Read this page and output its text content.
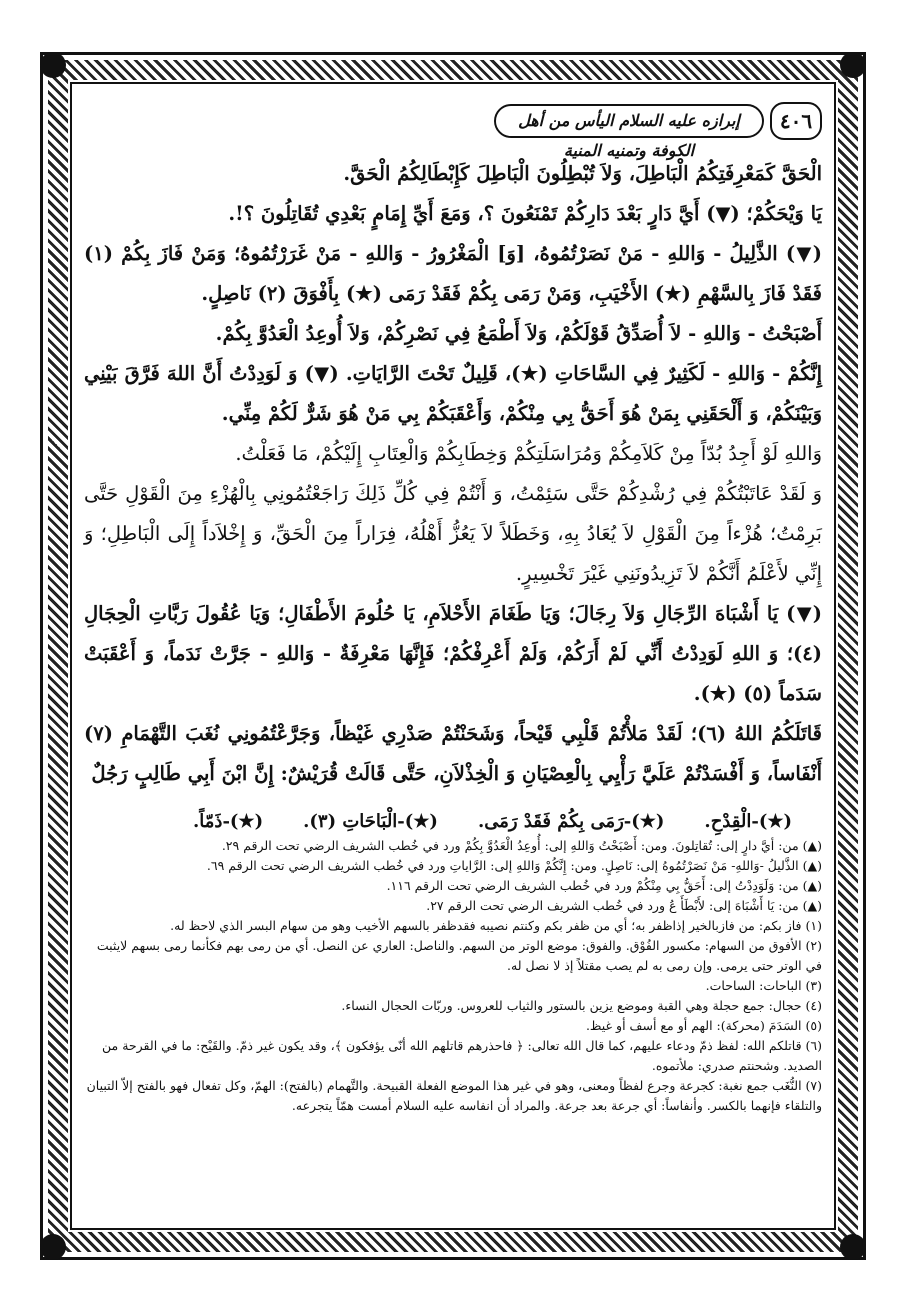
٤٠٦
إبرازه عليه السلام اليأس من أهل الكوفة وتمنيه المنية

الْحَقَّ كَمَعْرِفَتِكُمُ الْبَاطِلَ، وَلاَ تُبْطِلُونَ الْبَاطِلَ كَإِبْطَالِكُمُ الْحَقَّ.

يَا وَيْحَكُمْ؛ (▼) أَيَّ دَارٍ بَعْدَ دَارِكُمْ تَمْنَعُونَ ؟، وَمَعَ أَيِّ إِمَامٍ بَعْدِي تُقَاتِلُونَ ؟!.

(▼) الذَّلِيلُ - وَاللهِ - مَنْ نَصَرْتُمُوهُ، [وَ] الْمَغْرُورُ - وَاللهِ - مَنْ غَرَرْتُمُوهُ؛ وَمَنْ فَازَ بِكُمْ (١) فَقَدْ فَازَ بِالسَّهْمِ (★) الأَخْيَبِ، وَمَنْ رَمَى بِكُمْ فَقَدْ رَمَى (★) بِأَفْوَقَ (٢) نَاصِلٍ.

أَصْبَحْتُ - وَاللهِ - لاَ أُصَدِّقُ قَوْلَكُمْ، وَلاَ أَطْمَعُ فِي نَصْرِكُمْ، وَلاَ أُوعِدُ الْعَدُوَّ بِكُمْ.

إِنَّكُمْ - وَاللهِ - لَكَثِيرٌ فِي السَّاحَاتِ (★)، قَلِيلٌ تَحْتَ الرَّايَاتِ. (▼) وَ لَوَدِدْتُ أَنَّ اللهَ فَرَّقَ بَيْنِي وَبَيْنَكُمْ، وَ أَلْحَقَنِي بِمَنْ هُوَ أَحَقُّ بِي مِنْكُمْ، وَأَعْقَبَكُمْ بِي مَنْ هُوَ شَرٌّ لَكُمْ مِنِّي.

وَاللهِ لَوْ أَجِدُ بُدّاً مِنْ كَلاَمِكُمْ وَمُرَاسَلَتِكُمْ وَخِطَابِكُمْ وَالْعِتَابِ إِلَيْكُمْ، مَا فَعَلْتُ.

وَ لَقَدْ عَاتَبْتُكُمْ فِي رُشْدِكُمْ حَتَّى سَئِمْتُ، وَ أَنْتُمْ فِي كُلِّ ذَلِكَ رَاجَعْتُمُونِي بِالْهُزْءِ مِنَ الْقَوْلِ حَتَّى بَرِمْتُ؛ هُزْءاً مِنَ الْقَوْلِ لاَ يُعَادُ بِهِ، وَخَطَلاً لاَ يَعُزُّ أَهْلُهُ، فِرَاراً مِنَ الْحَقِّ، وَ إِخْلاَداً إِلَى الْبَاطِلِ؛ وَ إِنِّي لأَعْلَمُ أَنَّكُمْ لاَ تَزِيدُونَنِي غَيْرَ تَخْسِيرٍ.

(▼) يَا أَشْبَاهَ الرِّجَالِ وَلاَ رِجَالَ؛ وَيَا طَغَامَ الأَحْلاَمِ، يَا حُلُومَ الأَطْفَالِ؛ وَيَا عُقُولَ رَبَّاتِ الْحِجَالِ (٤)؛ وَ اللهِ لَوَدِدْتُ أَنِّي لَمْ أَرَكُمْ، وَلَمْ أَعْرِفْكُمْ؛ فَإِنَّهَا مَعْرِفَةٌ - وَاللهِ - جَرَّتْ نَدَماً، وَ أَعْقَبَتْ سَدَماً (٥) (★).

قَاتَلَكُمُ اللهُ (٦)؛ لَقَدْ مَلأْتُمْ قَلْبِي قَيْحاً، وَشَحَنْتُمْ صَدْرِي غَيْظاً، وَجَرَّعْتُمُونِي نُغَبَ التَّهْمَامِ (٧) أَنْفَاساً، وَ أَفْسَدْتُمْ عَلَيَّ رَأْيِي بِالْعِصْيَانِ وَ الْخِذْلاَنِ، حَتَّى قَالَتْ قُرَيْشٌ: إِنَّ ابْنَ أَبِي طَالِبٍ رَجُلٌ

(★)-الْقِدْحِ.
(★)-رَمَى بِكُمْ فَقَدْ رَمَى.
(★)-الْبَاحَاتِ (٣).
(★)-ذَمّاً.
(▲) من: أيَّ دارٍ إلى: تُقاتِلونَ. ومن: أَصْبَحْتُ وَاللهِ إلى: أُوعِدُ الْعَدُوَّ بِكُمْ ورد في خُطب الشريف الرضي تحت الرقم ٢٩.
(▲) الذَّليلُ -وَاللهِ- مَنْ نَصَرْتُمُوهُ إلى: نَاصِلٍ. ومن: إِنَّكُمْ وَاللهِ إلى: الرَّاياتِ ورد في خُطب الشريف الرضي تحت الرقم ٦٩.
(▲) من: وَلَوَدِدْتُ إلى: أَحَقُّ بِي مِنْكُمْ ورد في خُطب الشريف الرضي تحت الرقم ١١٦.
(▲) من: يَا أَشْبَاهَ إلى: لأَبْطَأَ عُ ورد في خُطب الشريف الرضي تحت الرقم ٢٧.
(١) فاز بكم: من فازبالخير إذاظفر به؛ أي من ظفر بكم وكنتم نصيبه فقدظفر بالسهم الأخيب وهو من سهام البسر الذي لاحظ له.
(٢) الأفوق من السهام: مكسور الفُوْق. والفوق: موضع الوتر من السهم. والناصل: العاري عن النصل. أي من رمى بهم فكأنما رمى بسهم لايثبت في الوتر حتى يرمى. وإن رمى به لم يصب مقتلاً إذ لا نصل له.
(٣) الباحات: الساحات.
(٤) حجال: جمع حجلة وهي القبة وموضع يزين بالستور والثياب للعروس. وربّات الحجال النساء.
(٥) السَدَمَ (محركة): الهم أو مع أسف أو غيظ.
(٦) قاتلكم الله: لفظ ذمّ ودعاء عليهم، كما قال الله تعالى: ﴿ فاحذرهم قاتلهم الله أنّى يؤفكون ﴾، وقد يكون غير ذمّ. والقَيْح: ما في القرحة من الصديد. وشحنتم صدري: ملأتموه.
(٧) النُّغَب جمع نغبة: كجرعة وجرع لفظاً ومعنى، وهو في غير هذا الموضع الفعلة القبيحة. والتَّهمام (بالفتح): الهمّ، وكل تفعال فهو بالفتح إلاّ التبيان والتلقاء فإنهما بالكسر. وأنفاساً: أي جرعة بعد جرعة. والمراد أن انفاسه عليه السلام أمست همّاً يتجرعه.
